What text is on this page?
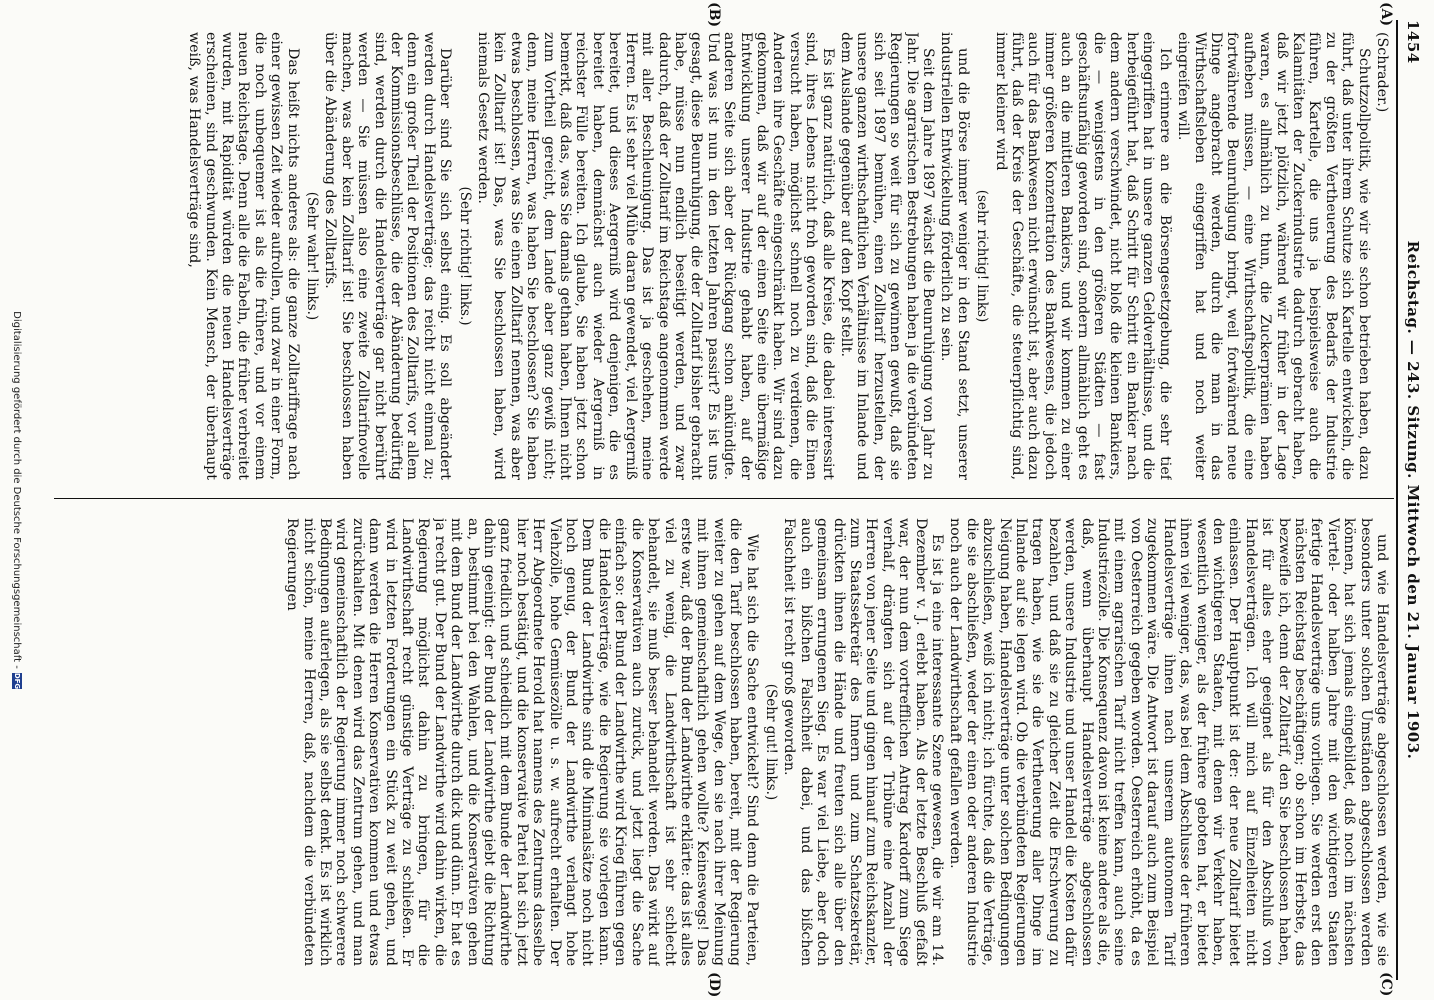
1454
Reichstag. — 243. Sitzung. Mittwoch den 21. Januar 1903.
(A)
(B)
(C)
(D)

(Schrader.)

Schutzzollpolitik, wie wir sie schon betrieben haben, dazu führt, daß unter ihrem Schutze sich Kartelle entwickeln, die zu der größten Vertheuerung des Bedarfs der Industrie führen, Kartelle, die uns ja beispielsweise auch die Kalamitäten der Zuckerindustrie dadurch gebracht haben, daß wir jetzt plötzlich, während wir früher in der Lage waren, es allmählich zu thun, die Zuckerprämien haben aufheben müssen, — eine Wirthschaftspolitik, die eine fortwährende Beunruhigung bringt, weil fortwährend neue Dinge angebracht werden, durch die man in das Wirthschaftsleben eingegriffen hat und noch weiter eingreifen will.

Ich erinnere an die Börsengesetzgebung, die sehr tief eingegriffen hat in unsere ganzen Geldverhältnisse, und die herbeigeführt hat, daß Schritt für Schritt ein Bankier nach dem andern verschwindet, nicht bloß die kleinen Bankiers, die — wenigstens in den größeren Städten — fast geschäftsunfähig geworden sind, sondern allmählich geht es auch an die mittleren Bankiers, und wir kommen zu einer immer größeren Konzentration des Bankwesens, die jedoch auch für das Bankwesen nicht erwünscht ist, aber auch dazu führt, daß der Kreis der Geschäfte, die steuerpflichtig sind, immer kleiner wird

(sehr richtig! links)

und die Börse immer weniger in den Stand setzt, unserer industriellen Entwickelung förderlich zu sein.

Seit dem Jahre 1897 wächst die Beunruhigung von Jahr zu Jahr. Die agrarischen Bestrebungen haben ja die verbündeten Regierungen so weit für sich zu gewinnen gewußt, daß sie sich seit 1897 bemühen, einen Zolltarif herzustellen, der unsere ganzen wirthschaftlichen Verhältnisse im Inlande und dem Auslande gegenüber auf den Kopf stellt.

Es ist ganz natürlich, daß alle Kreise, die dabei interessirt sind, ihres Lebens nicht froh geworden sind, daß die Einen versucht haben, möglichst schnell noch zu verdienen, die Anderen ihre Geschäfte eingeschränkt haben. Wir sind dazu gekommen, daß wir auf der einen Seite eine übermäßige Entwicklung unserer Industrie gehabt haben, auf der anderen Seite sich aber der Rückgang schon ankündigte. Und was ist nun in den letzten Jahren passirt? Es ist uns gesagt, diese Beunruhigung, die der Zolltarif bisher gebracht habe, müsse nun endlich beseitigt werden, und zwar dadurch, daß der Zolltarif im Reichstage angenommen werde mit aller Beschleunigung. Das ist ja geschehen, meine Herren. Es ist sehr viel Mühe daran gewendet, viel Aergerniß bereitet, und dieses Aergerniß wird denjenigen, die es bereitet haben, demnächst auch wieder Aergerniß in reichster Fülle bereiten. Ich glaube, Sie haben jetzt schon bemerkt, daß das, was Sie damals gethan haben, Ihnen nicht zum Vortheil gereicht, dem Lande aber ganz gewiß nicht; denn, meine Herren, was haben Sie beschlossen? Sie haben etwas beschlossen, was Sie einen Zolltarif nennen, was aber kein Zolltarif ist! Das, was Sie beschlossen haben, wird niemals Gesetz werden.

(Sehr richtig! links.)

Darüber sind Sie sich selbst einig. Es soll abgeändert werden durch Handelsverträge; das reicht nicht einmal zu; denn ein großer Theil der Positionen des Zolltarifs, vor allem der Kommissionsbeschlüsse, die der Abänderung bedürftig sind, werden durch die Handelsverträge gar nicht berührt werden — Sie müssen also eine zweite Zolltarifnovelle machen, was aber kein Zolltarif ist! Sie beschlossen haben über die Abänderung des Zolltarifs.

(Sehr wahr! links.)

Das heißt nichts anderes als: die ganze Zolltariffrage nach einer gewissen Zeit wieder aufrollen, und zwar in einer Form, die noch unbequemer ist als die frühere, und vor einem neuen Reichstage. Denn alle die Fabeln, die früher verbreitet wurden, mit Rapidität würden die neuen Handelsverträge erscheinen, sind geschwunden. Kein Mensch, der überhaupt weiß, was Handelsverträge sind,

und wie Handelsverträge abgeschlossen werden, wie sie besonders unter solchen Umständen abgeschlossen werden können, hat sich jemals eingebildet, daß noch im nächsten Viertel- oder halben Jahre mit den wichtigeren Staaten fertige Handelsverträge uns vorliegen. Sie werden erst den nächsten Reichstag beschäftigen; ob schon im Herbste, das bezweifle ich, denn der Zolltarif, den Sie beschlossen haben, ist für alles eher geeignet als für den Abschluß von Handelsverträgen. Ich will mich auf Einzelheiten nicht einlassen. Der Hauptpunkt ist der: der neue Zolltarif bietet den wichtigeren Staaten, mit denen wir Verkehr haben, wesentlich weniger, als der frühere geboten hat, er bietet ihnen viel weniger, das, was bei dem Abschlusse der früheren Handelsverträge ihnen nach unserem autonomen Tarif zugekommen wäre. Die Antwort ist darauf auch zum Beispiel von Oesterreich gegeben worden. Oesterreich erhöht, da es mit einem agrarischen Tarif nicht treffen kann, auch seine Industriezölle. Die Konsequenz davon ist keine andere als die, daß, wenn überhaupt Handelsverträge abgeschlossen werden, unsere Industrie und unser Handel die Kosten dafür bezahlen, und daß sie zu gleicher Zeit die Erschwerung zu tragen haben, wie sie die Vertheuerung aller Dinge im Inlande auf sie legen wird. Ob die verbündeten Regierungen Neigung haben, Handelsverträge unter solchen Bedingungen abzuschließen, weiß ich nicht; ich fürchte, daß die Verträge, die sie abschließen, weder der einen oder anderen Industrie noch auch der Landwirthschaft gefallen werden.

Es ist ja eine interessante Szene gewesen, die wir am 14. Dezember v. J. erlebt haben. Als der letzte Beschluß gefaßt war, der nun dem vortrefflichen Antrag Kardorff zum Siege verhalf, drängten sich auf der Tribüne eine Anzahl der Herren von jener Seite und gingen hinauf zum Reichskanzler, zum Staatssekretär des Innern und zum Schatzsekretär, drückten ihnen die Hände und freuten sich alle über den gemeinsam errungenen Sieg. Es war viel Liebe, aber doch auch ein bißchen Falschheit dabei, und das bißchen Falschheit ist recht groß geworden.

(Sehr gut! links.)

Wie hat sich die Sache entwickelt? Sind denn die Parteien, die den Tarif beschlossen haben, bereit, mit der Regierung weiter zu gehen auf dem Wege, den sie nach ihrer Meinung mit ihnen gemeinschaftlich gehen wollte? Keineswegs! Das erste war, daß der Bund der Landwirthe erklärte: das ist alles viel zu wenig, die Landwirthschaft ist sehr schlecht behandelt, sie muß besser behandelt werden. Das wirkt auf die Konservativen auch zurück, und jetzt liegt die Sache einfach so: der Bund der Landwirthe wird Krieg führen gegen die Handelsverträge, wie die Regierung sie vorlegen kann. Dem Bund der Landwirthe sind die Minimalsätze noch nicht hoch genug, der Bund der Landwirthe verlangt hohe Viehzölle, hohe Gemüsezölle u. s. w. aufrecht erhalten. Der Herr Abgeordnete Herold hat namens des Zentrums dasselbe hier noch bestätigt, und die konservative Partei hat sich jetzt ganz friedlich und schiedlich mit dem Bunde der Landwirthe dahin geeinigt: der Bund der Landwirthe giebt die Richtung an, bestimmt bei den Wahlen, und die Konservativen gehen mit dem Bund der Landwirthe durch dick und dünn. Er hat es ja recht gut. Der Bund der Landwirthe wird dahin wirken, die Regierung möglichst dahin zu bringen, für die Landwirthschaft recht günstige Verträge zu schließen. Er wird in letzten Forderungen ein Stück zu weit gehen, und dann werden die Herren Konservativen kommen und etwas zurückhalten. Mit denen wird das Zentrum gehen, und man wird gemeinschaftlich der Regierung immer noch schwerere Bedingungen auferlegen, als sie selbst denkt. Es ist wirklich nicht schön, meine Herren, daß, nachdem die verbündeten Regierungen

Digitalisierung gefördert durch die Deutsche Forschungsgemeinschaft -DFG
